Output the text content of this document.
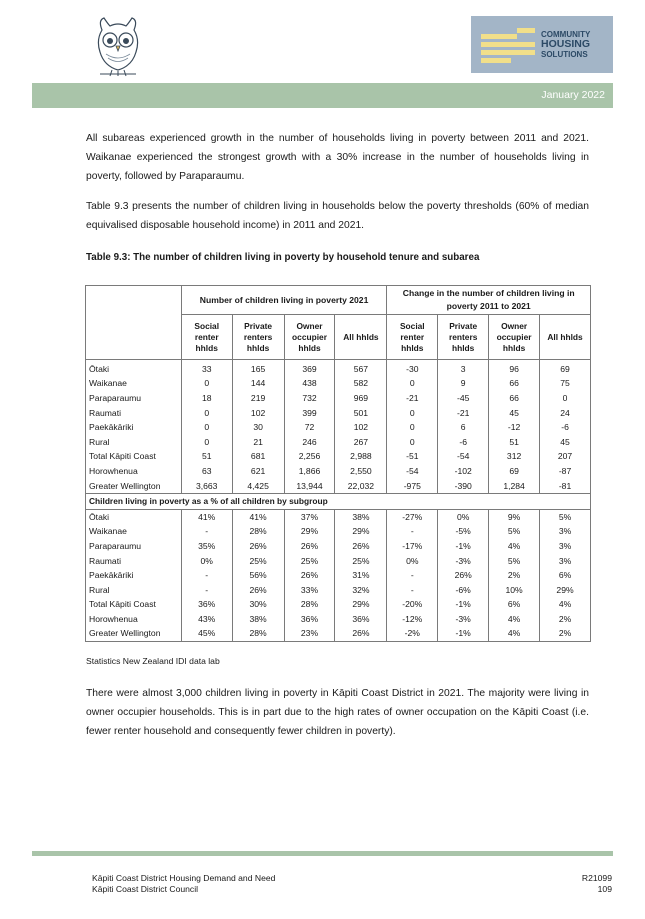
COMMUNITY
HOUSING
SOLUTIONS
January 2022

All subareas experienced growth in the number of households living in poverty between 2011 and 2021. Waikanae experienced the strongest growth with a 30% increase in the number of households living in poverty, followed by Paraparaumu.

Table 9.3 presents the number of children living in households below the poverty thresholds (60% of median equivalised disposable household income) in 2011 and 2021.

Table 9.3: The number of children living in poverty by household tenure and subarea
	Number of children living in poverty 2021				Change in the number of children living in poverty 2011 to 2021			
	Social renter hhlds	Private renters hhlds	Owner occupier hhlds	All hhlds	Social renter hhlds	Private renters hhlds	Owner occupier hhlds	All hhlds
Ōtaki	33	165	369	567	-30	3	96	69
Waikanae	0	144	438	582	0	9	66	75
Paraparaumu	18	219	732	969	-21	-45	66	0
Raumati	0	102	399	501	0	-21	45	24
Paekākāriki	0	30	72	102	0	6	-12	-6
Rural	0	21	246	267	0	-6	51	45
Total Kāpiti Coast	51	681	2,256	2,988	-51	-54	312	207
Horowhenua	63	621	1,866	2,550	-54	-102	69	-87
Greater Wellington	3,663	4,425	13,944	22,032	-975	-390	1,284	-81
Children living in poverty as a % of all children by subgroup								
Ōtaki	41%	41%	37%	38%	-27%	0%	9%	5%
Waikanae	-	28%	29%	29%	-	-5%	5%	3%
Paraparaumu	35%	26%	26%	26%	-17%	-1%	4%	3%
Raumati	0%	25%	25%	25%	0%	-3%	5%	3%
Paekākāriki	-	56%	26%	31%	-	26%	2%	6%
Rural	-	26%	33%	32%	-	-6%	10%	29%
Total Kāpiti Coast	36%	30%	28%	29%	-20%	-1%	6%	4%
Horowhenua	43%	38%	36%	36%	-12%	-3%	4%	2%
Greater Wellington	45%	28%	23%	26%	-2%	-1%	4%	2%
Statistics New Zealand IDI data lab

There were almost 3,000 children living in poverty in Kāpiti Coast District in 2021. The majority were living in owner occupier households. This is in part due to the high rates of owner occupation on the Kāpiti Coast (i.e. fewer renter household and consequently fewer children in poverty).

Kāpiti Coast District Housing Demand and Need
Kāpiti Coast District Council
R21099
109
